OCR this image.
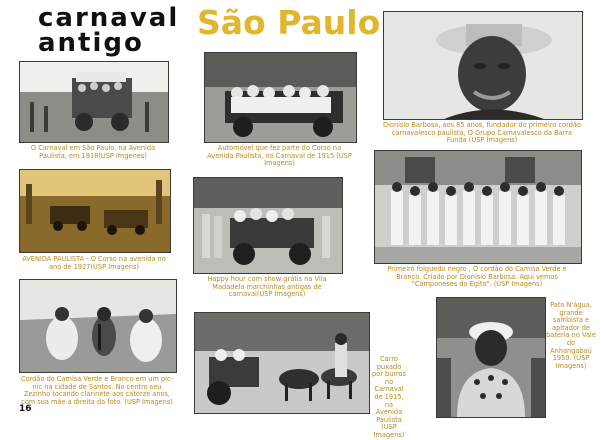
carnaval
antigo
São Paulo
O Carnaval em São Paulo, na Avenida Paulista, em 1918(USP Imgenes)
Automóvel que fez parte do Corso na Avenida Paulista, no Carnaval de 1915 (USP Imagens)
Dionísio Barbosa, aos 85 anos, fundador do primeiro cordão carnavalesco paulista, O Grupo Carnavalesco da Barra Funda (USP Imagens)
AVENIDA PAULISTA - O Corso na avenida no ano de 1927(USP Imagens)
Happy hour com show grátis na Vila Madadela marchinhas antigas de carnaval(USP Imagens)
Primeiro folguedo negro , O cordão do Camisa Verde e Branco. Criado por Dionísio Barbosa. Aqui vemos "Camponeses do Egito". (USP Imagens)
Cordão do Camisa Verde e Branco em um pic-nic na cidade de Santos. No centro seu Zezinho tocando clarinete aos catorze anos, com sua mãe a direita da foto. (USP Imagens)
Carro puxado por burros no Carnaval de 1915, na Avenida Paulista (USP Imagens)
Pato N'água, grande sambista e apitador de bateria no Vale do Anhangabaú 1950. (USP Imagens)
16
